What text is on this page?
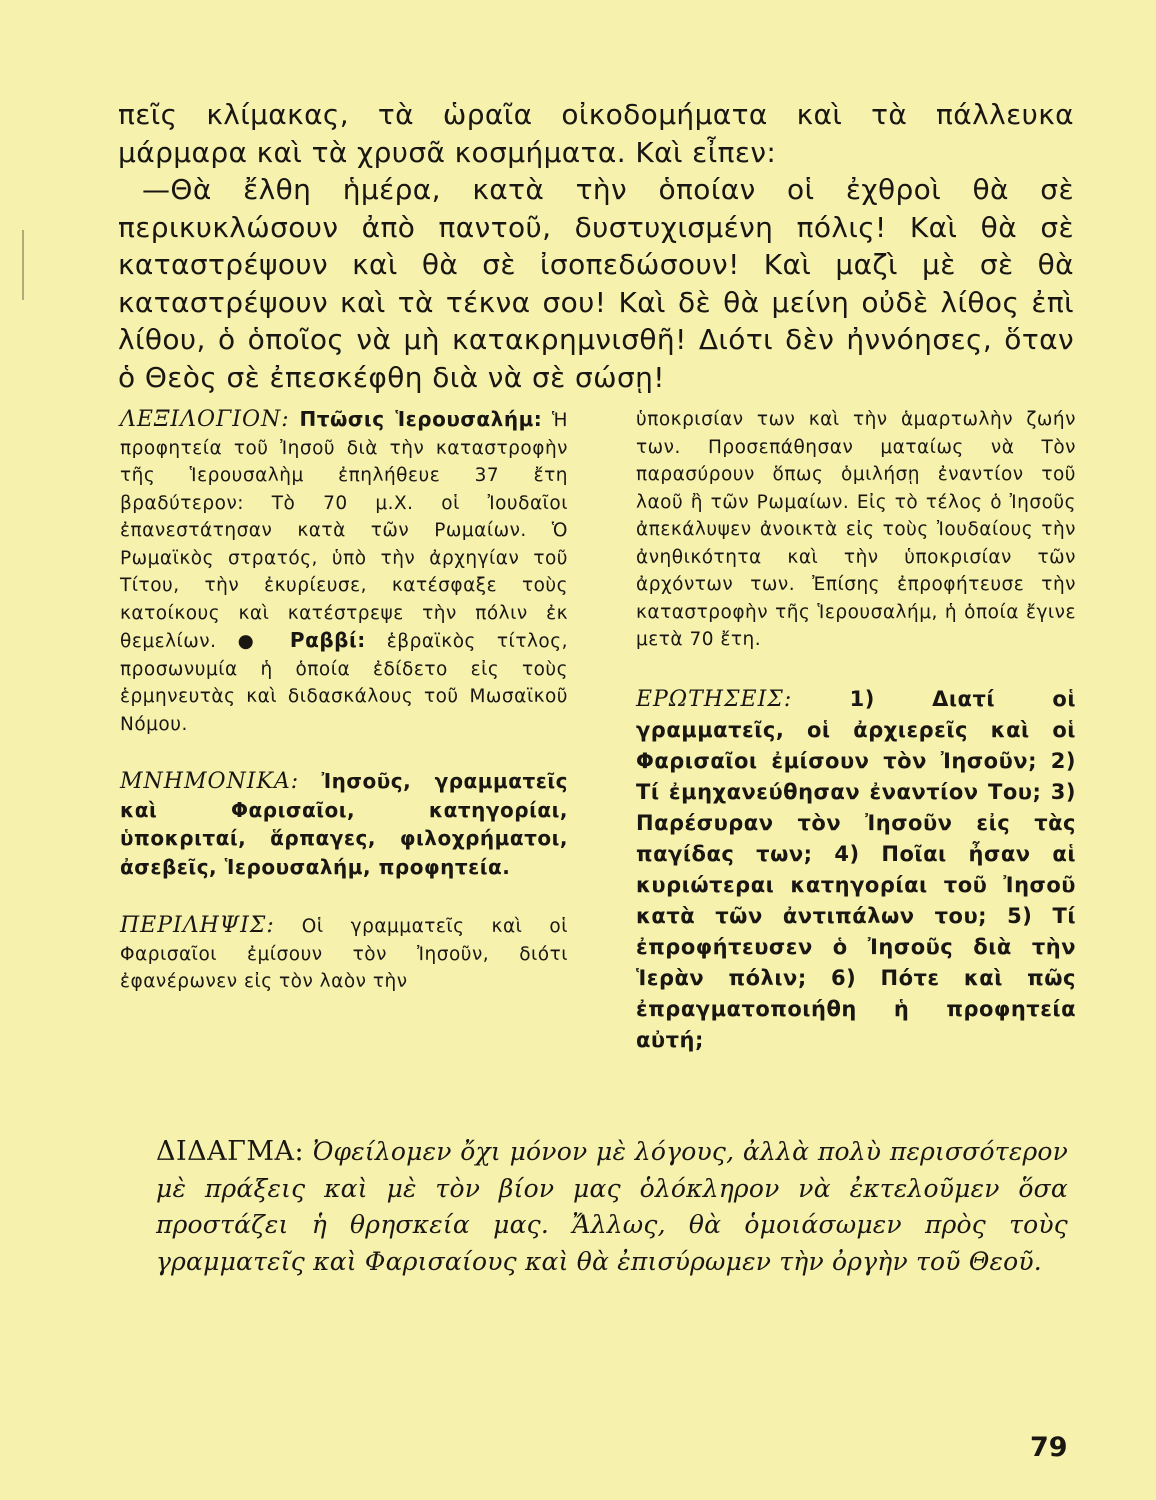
πεῖς κλίμακας, τὰ ὡραῖα οἰκοδομήματα καὶ τὰ πάλλευκα μάρμαρα καὶ τὰ χρυσᾶ κοσμήματα. Καὶ εἶπεν:

—Θὰ ἔλθη ἡμέρα, κατὰ τὴν ὁποίαν οἱ ἐχθροὶ θὰ σὲ περικυκλώσουν ἀπὸ παντοῦ, δυστυχισμένη πόλις! Καὶ θὰ σὲ καταστρέψουν καὶ θὰ σὲ ἰσοπεδώσουν! Καὶ μαζὶ μὲ σὲ θὰ καταστρέψουν καὶ τὰ τέκνα σου! Καὶ δὲ θὰ μείνη οὐδὲ λίθος ἐπὶ λίθου, ὁ ὁποῖος νὰ μὴ κατακρημνισθῆ! Διότι δὲν ἠννόησες, ὅταν ὁ Θεὸς σὲ ἐπεσκέφθη διὰ νὰ σὲ σώσῃ!

ΛΕΞΙΛΟΓΙΟΝ: Πτῶσις Ἱερουσαλήμ: Ἡ προφητεία τοῦ Ἰησοῦ διὰ τὴν καταστροφὴν τῆς Ἱερουσαλὴμ ἐπηλήθευε 37 ἔτη βραδύτερον: Τὸ 70 μ.Χ. οἱ Ἰουδαῖοι ἐπανεστάτησαν κατὰ τῶν Ρωμαίων. Ὁ Ρωμαϊκὸς στρατός, ὑπὸ τὴν ἀρχηγίαν τοῦ Τίτου, τὴν ἐκυρίευσε, κατέσφαξε τοὺς κατοίκους καὶ κατέστρεψε τὴν πόλιν ἐκ θεμελίων. ● Ραββί: ἑβραϊκὸς τίτλος, προσωνυμία ἡ ὁποία ἐδίδετο εἰς τοὺς ἑρμηνευτὰς καὶ διδασκάλους τοῦ Μωσαϊκοῦ Νόμου.

ΜΝΗΜΟΝΙΚΑ: Ἰησοῦς, γραμματεῖς καὶ Φαρισαῖοι, κατηγορίαι, ὑποκριταί, ἅρπαγες, φιλοχρήματοι, ἀσεβεῖς, Ἱερουσαλήμ, προφητεία.

ΠΕΡΙΛΗΨΙΣ: Οἱ γραμματεῖς καὶ οἱ Φαρισαῖοι ἐμίσουν τὸν Ἰησοῦν, διότι ἐφανέρωνεν εἰς τὸν λαὸν τὴν

ὑποκρισίαν των καὶ τὴν ἁμαρτωλὴν ζωήν των. Προσεπάθησαν ματαίως νὰ Τὸν παρασύρουν ὅπως ὁμιλήσῃ ἐναντίον τοῦ λαοῦ ἢ τῶν Ρωμαίων. Εἰς τὸ τέλος ὁ Ἰησοῦς ἀπεκάλυψεν ἀνοικτὰ εἰς τοὺς Ἰουδαίους τὴν ἀνηθικότητα καὶ τὴν ὑποκρισίαν τῶν ἀρχόντων των. Ἐπίσης ἐπροφήτευσε τὴν καταστροφὴν τῆς Ἱερουσαλήμ, ἡ ὁποία ἔγινε μετὰ 70 ἔτη.

ΕΡΩΤΗΣΕΙΣ:	1) Διατί οἱ γραμματεῖς, οἱ ἀρχιερεῖς καὶ οἱ Φαρισαῖοι ἐμίσουν τὸν Ἰησοῦν; 2) Τί ἐμηχανεύθησαν ἐναντίον Του; 3) Παρέσυραν τὸν Ἰησοῦν εἰς τὰς παγίδας των; 4) Ποῖαι ἦσαν αἱ κυριώτεραι κατηγορίαι τοῦ Ἰησοῦ κατὰ τῶν ἀντιπάλων του; 5) Τί ἐπροφήτευσεν ὁ Ἰησοῦς διὰ τὴν Ἱερὰν πόλιν; 6) Πότε καὶ πῶς ἐπραγματοποιήθη ἡ προφητεία αὐτή;

ΔΙΔΑΓΜΑ: Ὀφείλομεν ὄχι μόνον μὲ λόγους, ἀλλὰ πολὺ περισσότερον μὲ πράξεις καὶ μὲ τὸν βίον μας ὁλόκληρον νὰ ἐκτελοῦμεν ὅσα προστάζει ἡ θρησκεία μας. Ἄλλως, θὰ ὁμοιάσωμεν πρὸς τοὺς γραμματεῖς καὶ Φαρισαίους καὶ θὰ ἐπισύρωμεν τὴν ὀργὴν τοῦ Θεοῦ.

79
